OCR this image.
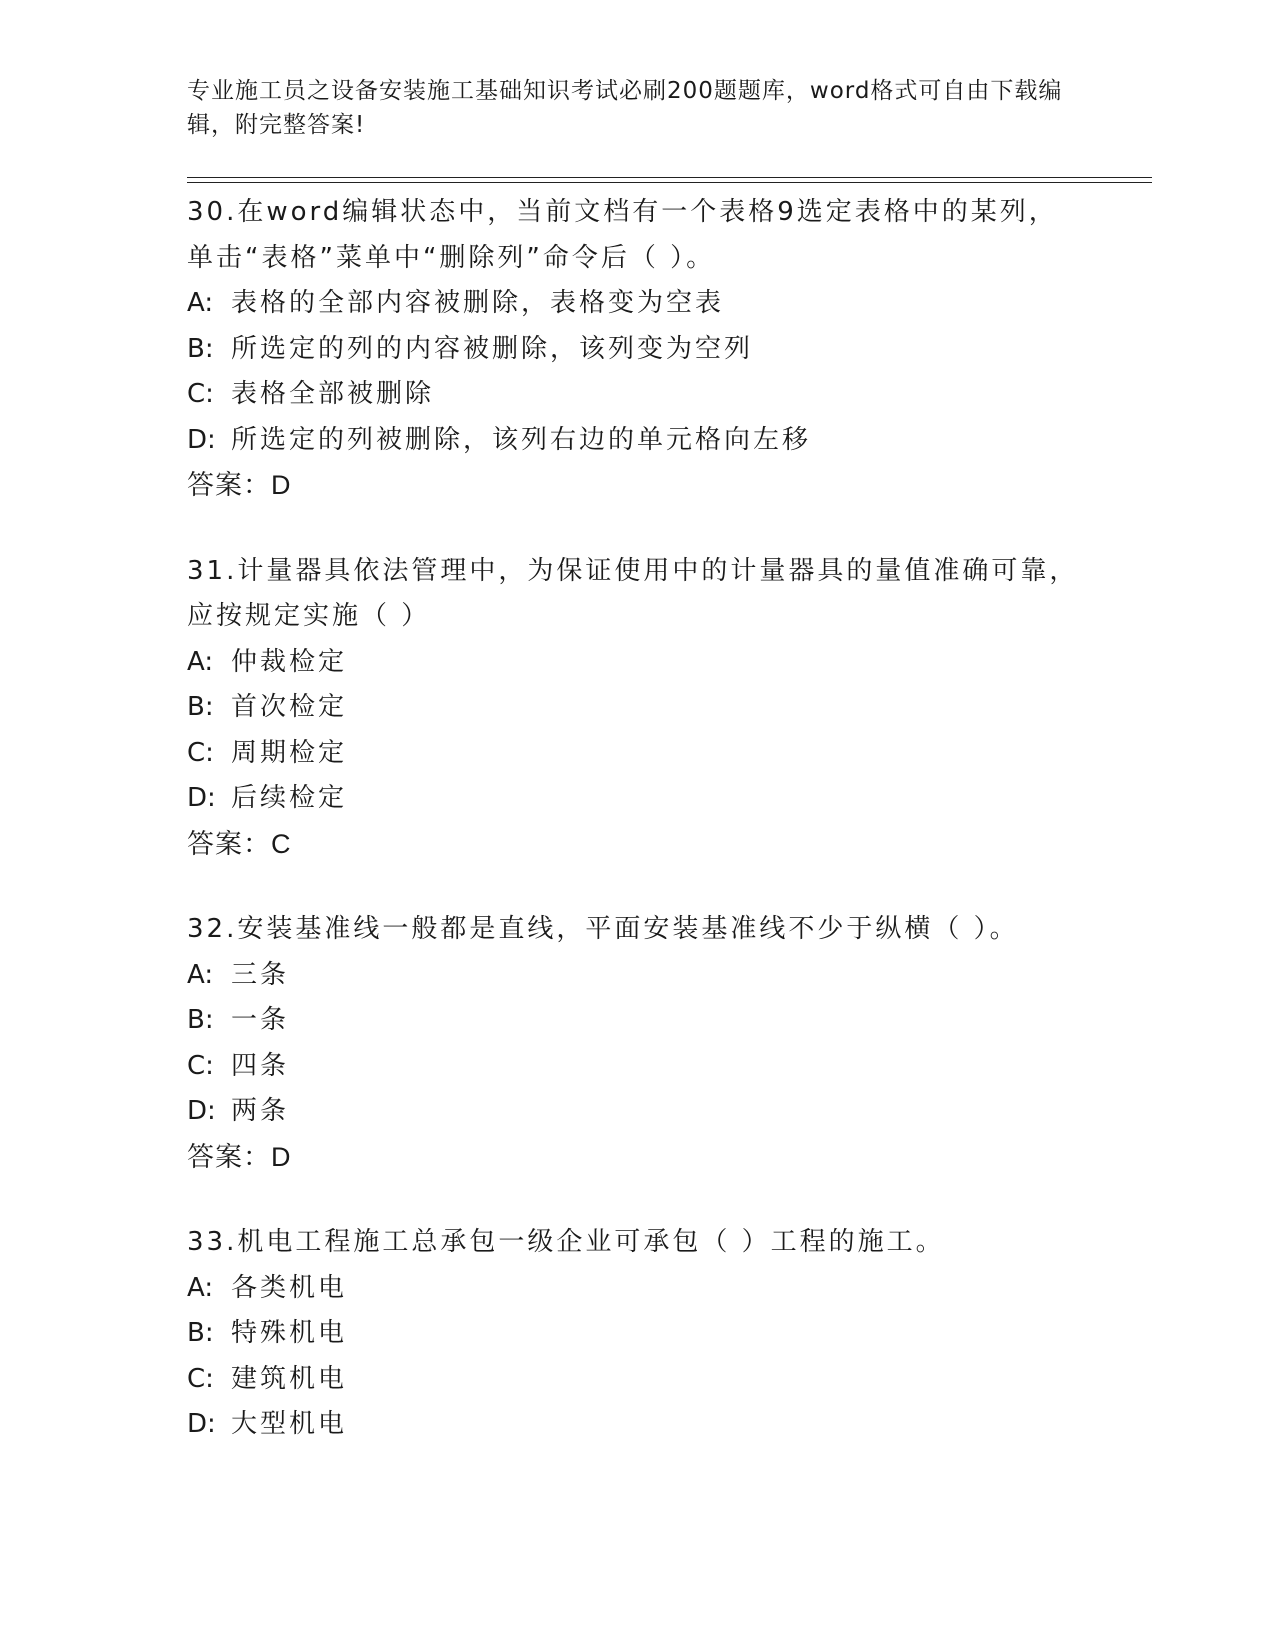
专业施工员之设备安装施工基础知识考试必刷200题题库，word格式可自由下载编辑，附完整答案!
30.在word编辑状态中，当前文档有一个表格9选定表格中的某列，
单击“表格”菜单中“删除列”命令后（ ）。
A: 表格的全部内容被删除，表格变为空表
B: 所选定的列的内容被删除，该列变为空列
C: 表格全部被删除
D: 所选定的列被删除，该列右边的单元格向左移
答案：D
31.计量器具依法管理中，为保证使用中的计量器具的量值准确可靠，
应按规定实施（ ）
A: 仲裁检定
B: 首次检定
C: 周期检定
D: 后续检定
答案：C
32.安装基准线一般都是直线，平面安装基准线不少于纵横（ ）。
A: 三条
B: 一条
C: 四条
D: 两条
答案：D
33.机电工程施工总承包一级企业可承包（ ）工程的施工。
A: 各类机电
B: 特殊机电
C: 建筑机电
D: 大型机电
